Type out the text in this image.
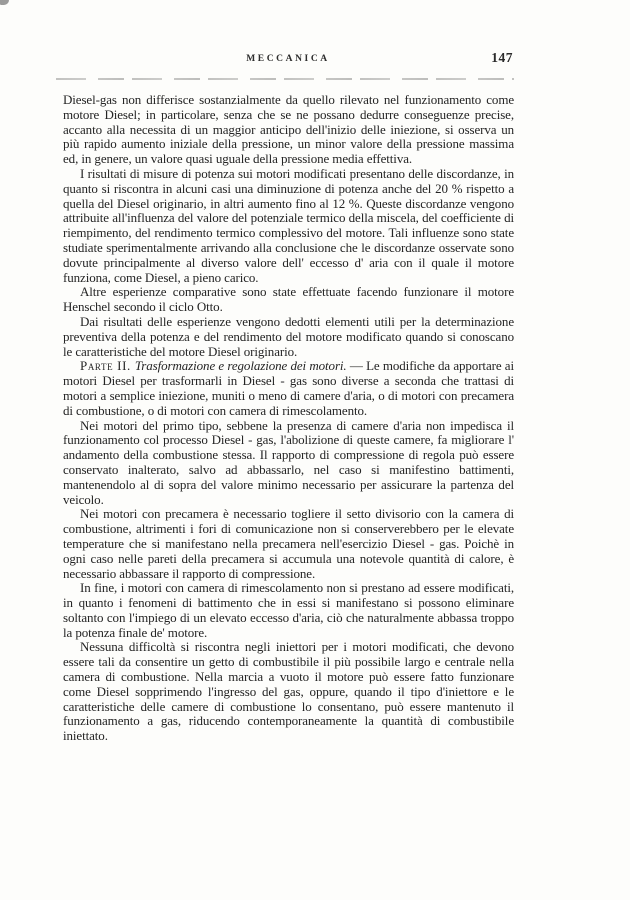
MECCANICA	147

Diesel-gas non differisce sostanzialmente da quello rilevato nel funzionamento come motore Diesel; in particolare, senza che se ne possano dedurre conseguenze precise, accanto alla necessita di un maggior anticipo dell'inizio delle iniezione, si osserva un più rapido aumento iniziale della pressione, un minor valore della pressione massima ed, in genere, un valore quasi uguale della pressione media effettiva.

I risultati di misure di potenza sui motori modificati presentano delle discordanze, in quanto si riscontra in alcuni casi una diminuzione di potenza anche del 20 % rispetto a quella del Diesel originario, in altri aumento fino al 12 %. Queste discordanze vengono attribuite all'influenza del valore del potenziale termico della miscela, del coefficiente di riempimento, del rendimento termico complessivo del motore. Tali influenze sono state studiate sperimentalmente arrivando alla conclusione che le discordanze osservate sono dovute principalmente al diverso valore dell' eccesso d' aria con il quale il motore funziona, come Diesel, a pieno carico.

Altre esperienze comparative sono state effettuate facendo funzionare il motore Henschel secondo il ciclo Otto.

Dai risultati delle esperienze vengono dedotti elementi utili per la determinazione preventiva della potenza e del rendimento del motore modificato quando si conoscano le caratteristiche del motore Diesel originario.

Parte II. Trasformazione e regolazione dei motori. — Le modifiche da apportare ai motori Diesel per trasformarli in Diesel - gas sono diverse a seconda che trattasi di motori a semplice iniezione, muniti o meno di camere d'aria, o di motori con precamera di combustione, o di motori con camera di rimescolamento.

Nei motori del primo tipo, sebbene la presenza di camere d'aria non impedisca il funzionamento col processo Diesel - gas, l'abolizione di queste camere, fa migliorare l' andamento della combustione stessa. Il rapporto di compressione di regola può essere conservato inalterato, salvo ad abbassarlo, nel caso si manifestino battimenti, mantenendolo al di sopra del valore minimo necessario per assicurare la partenza del veicolo.

Nei motori con precamera è necessario togliere il setto divisorio con la camera di combustione, altrimenti i fori di comunicazione non si conserverebbero per le elevate temperature che si manifestano nella precamera nell'esercizio Diesel - gas. Poichè in ogni caso nelle pareti della precamera si accumula una notevole quantità di calore, è necessario abbassare il rapporto di compressione.

In fine, i motori con camera di rimescolamento non si prestano ad essere modificati, in quanto i fenomeni di battimento che in essi si manifestano si possono eliminare soltanto con l'impiego di un elevato eccesso d'aria, ciò che naturalmente abbassa troppo la potenza finale de' motore.

Nessuna difficoltà si riscontra negli iniettori per i motori modificati, che devono essere tali da consentire un getto di combustibile il più possibile largo e centrale nella camera di combustione. Nella marcia a vuoto il motore può essere fatto funzionare come Diesel sopprimendo l'ingresso del gas, oppure, quando il tipo d'iniettore e le caratteristiche delle camere di combustione lo consentano, può essere mantenuto il funzionamento a gas, riducendo contemporaneamente la quantità di combustibile iniettato.
